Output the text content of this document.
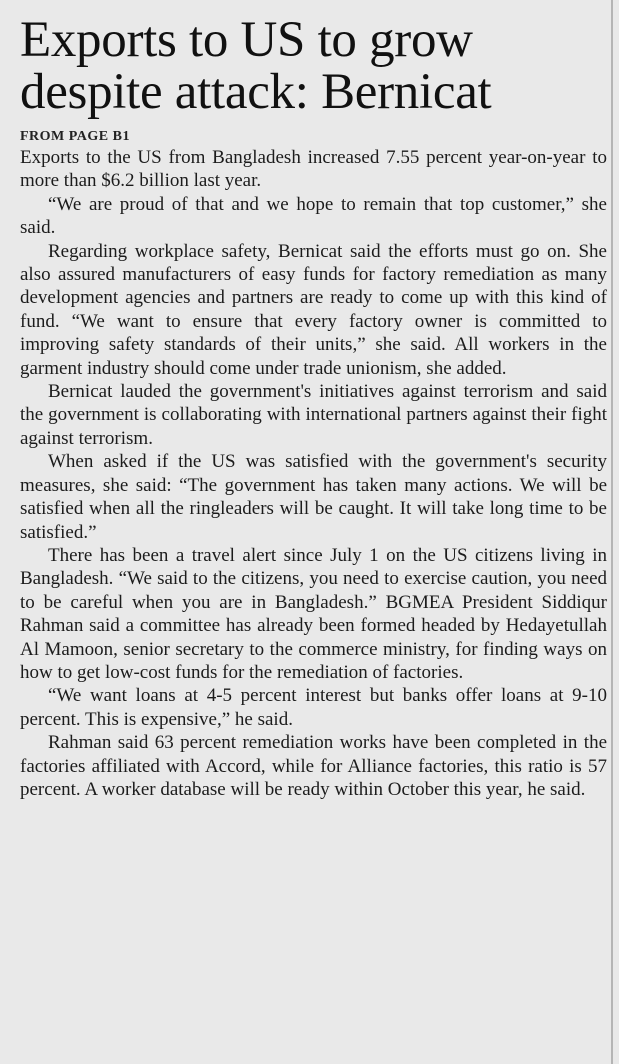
Exports to US to grow
despite attack: Bernicat
FROM PAGE B1

Exports to the US from Bangladesh increased 7.55 percent year-on-year to more than $6.2 billion last year.

“We are proud of that and we hope to remain that top customer,” she said.

Regarding workplace safety, Bernicat said the efforts must go on. She also assured manufacturers of easy funds for factory remediation as many development agencies and partners are ready to come up with this kind of fund. “We want to ensure that every factory owner is committed to improving safety standards of their units,” she said. All workers in the garment industry should come under trade unionism, she added.

Bernicat lauded the government's initiatives against terrorism and said the government is collaborating with international partners against their fight against terrorism.

When asked if the US was satisfied with the government's security measures, she said: “The government has taken many actions. We will be satisfied when all the ringleaders will be caught. It will take long time to be satisfied.”

There has been a travel alert since July 1 on the US citizens living in Bangladesh. “We said to the citizens, you need to exercise caution, you need to be careful when you are in Bangladesh.” BGMEA President Siddiqur Rahman said a committee has already been formed headed by Hedayetullah Al Mamoon, senior secretary to the commerce ministry, for finding ways on how to get low-cost funds for the remediation of factories.

“We want loans at 4-5 percent interest but banks offer loans at 9-10 percent. This is expensive,” he said.

Rahman said 63 percent remediation works have been completed in the factories affiliated with Accord, while for Alliance factories, this ratio is 57 percent. A worker database will be ready within October this year, he said.
